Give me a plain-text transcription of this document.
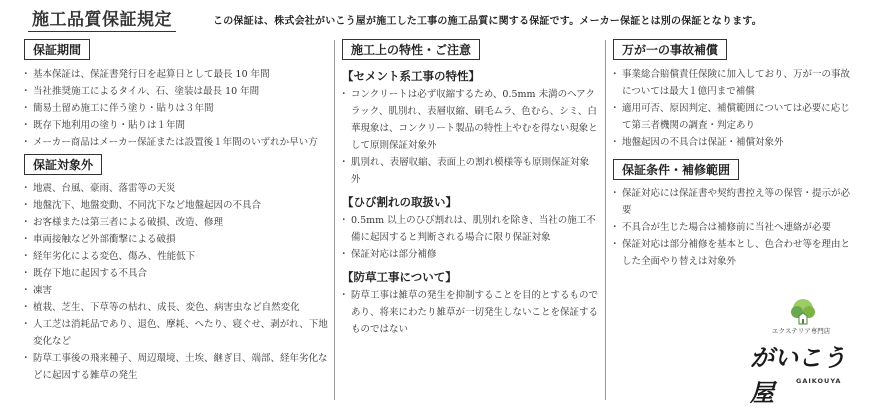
施工品質保証規定	この保証は、株式会社がいこう屋が施工した工事の施工品質に関する保証です。メーカー保証とは別の保証となります。
保証期間
・ 基本保証は、保証書発行日を起算日として最長 10 年間
・ 当社推奨施工によるタイル、石、塗装は最長 10 年間
・ 簡易土留め施工に伴う塗り・貼りは３年間
・ 既存下地利用の塗り・貼りは１年間
・ メーカー商品はメーカー保証または設置後１年間のいずれか早い方
保証対象外
・ 地震、台風、豪雨、落雷等の天災
・ 地盤沈下、地盤変動、不同沈下など地盤起因の不具合
・ お客様または第三者による破損、改造、修理
・ 車両接触など外部衝撃による破損
・ 経年劣化による変色、傷み、性能低下
・ 既存下地に起因する不具合
・ 凍害
・ 植栽、芝生、下草等の枯れ、成長、変色、病害虫など自然変化
・ 人工芝は消耗品であり、退色、摩耗、へたり、寝ぐせ、剥がれ、下地変化など
・ 防草工事後の飛来種子、周辺環境、土埃、継ぎ目、端部、経年劣化などに起因する雑草の発生
施工上の特性・ご注意
【セメント系工事の特性】
・ コンクリートは必ず収縮するため、0.5mm 未満のヘアクラック、肌別れ、表層収縮、刷毛ムラ、色むら、シミ、白華現象は、コンクリート製品の特性上やむを得ない現象として原則保証対象外
・ 肌別れ、表層収縮、表面上の割れ模様等も原則保証対象外
【ひび割れの取扱い】
・ 0.5mm 以上のひび割れは、肌別れを除き、当社の施工不備に起因すると判断される場合に限り保証対象
・ 保証対応は部分補修
【防草工事について】
・ 防草工事は雑草の発生を抑制することを目的とするものであり、将来にわたり雑草が一切発生しないことを保証するものではない
万が一の事故補償
・ 事業総合賠償責任保険に加入しており、万が一の事故については最大１億円まで補償
・ 適用可否、原因判定、補償範囲については必要に応じて第三者機関の調査・判定あり
・ 地盤起因の不具合は保証・補償対象外
保証条件・補修範囲
・ 保証対応には保証書や契約書控え等の保管・提示が必要
・ 不具合が生じた場合は補修前に当社へ連絡が必要
・ 保証対応は部分補修を基本とし、色合わせ等を理由とした全面やり替えは対象外
エクステリア専門店
がいこう屋	GAIKOUYA
